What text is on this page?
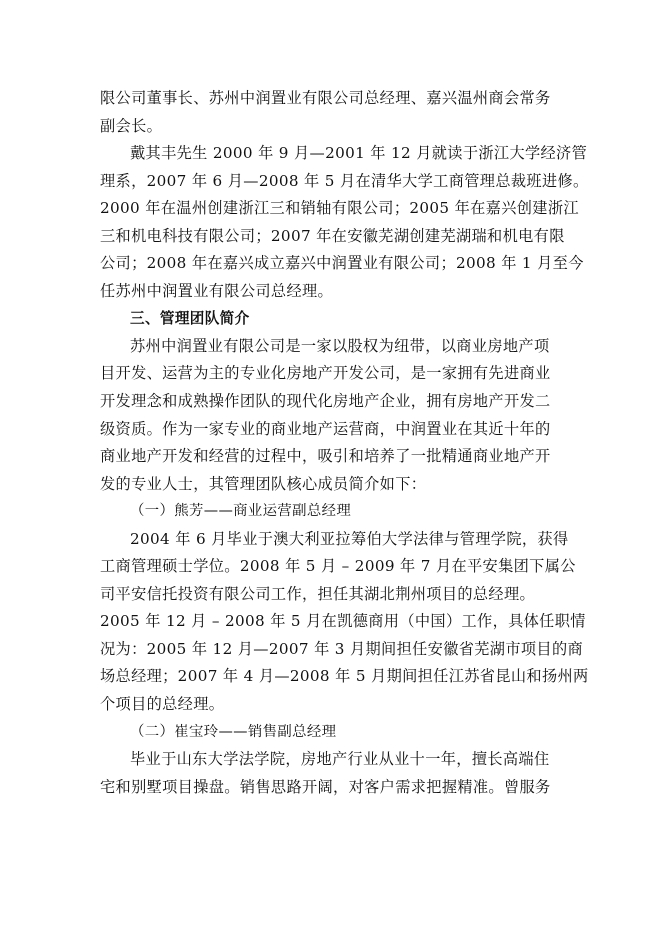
限公司董事长、苏州中润置业有限公司总经理、嘉兴温州商会常务
副会长。
戴其丰先生 2000 年 9 月—2001 年 12 月就读于浙江大学经济管
理系，2007 年 6 月—2008 年 5 月在清华大学工商管理总裁班进修。
2000 年在温州创建浙江三和销轴有限公司；2005 年在嘉兴创建浙江
三和机电科技有限公司；2007 年在安徽芜湖创建芜湖瑞和机电有限
公司；2008 年在嘉兴成立嘉兴中润置业有限公司；2008 年 1 月至今
任苏州中润置业有限公司总经理。
三、管理团队简介
苏州中润置业有限公司是一家以股权为纽带，以商业房地产项
目开发、运营为主的专业化房地产开发公司，是一家拥有先进商业
开发理念和成熟操作团队的现代化房地产企业，拥有房地产开发二
级资质。作为一家专业的商业地产运营商，中润置业在其近十年的
商业地产开发和经营的过程中，吸引和培养了一批精通商业地产开
发的专业人士，其管理团队核心成员简介如下：
（一）熊芳——商业运营副总经理
2004 年 6 月毕业于澳大利亚拉筹伯大学法律与管理学院，获得
工商管理硕士学位。2008 年 5 月 – 2009 年 7 月在平安集团下属公
司平安信托投资有限公司工作，担任其湖北荆州项目的总经理。
2005 年 12 月 – 2008 年 5 月在凯德商用（中国）工作，具体任职情
况为：2005 年 12 月—2007 年 3 月期间担任安徽省芜湖市项目的商
场总经理；2007 年 4 月—2008 年 5 月期间担任江苏省昆山和扬州两
个项目的总经理。
（二）崔宝玲——销售副总经理
毕业于山东大学法学院，房地产行业从业十一年，擅长高端住
宅和别墅项目操盘。销售思路开阔，对客户需求把握精准。曾服务
